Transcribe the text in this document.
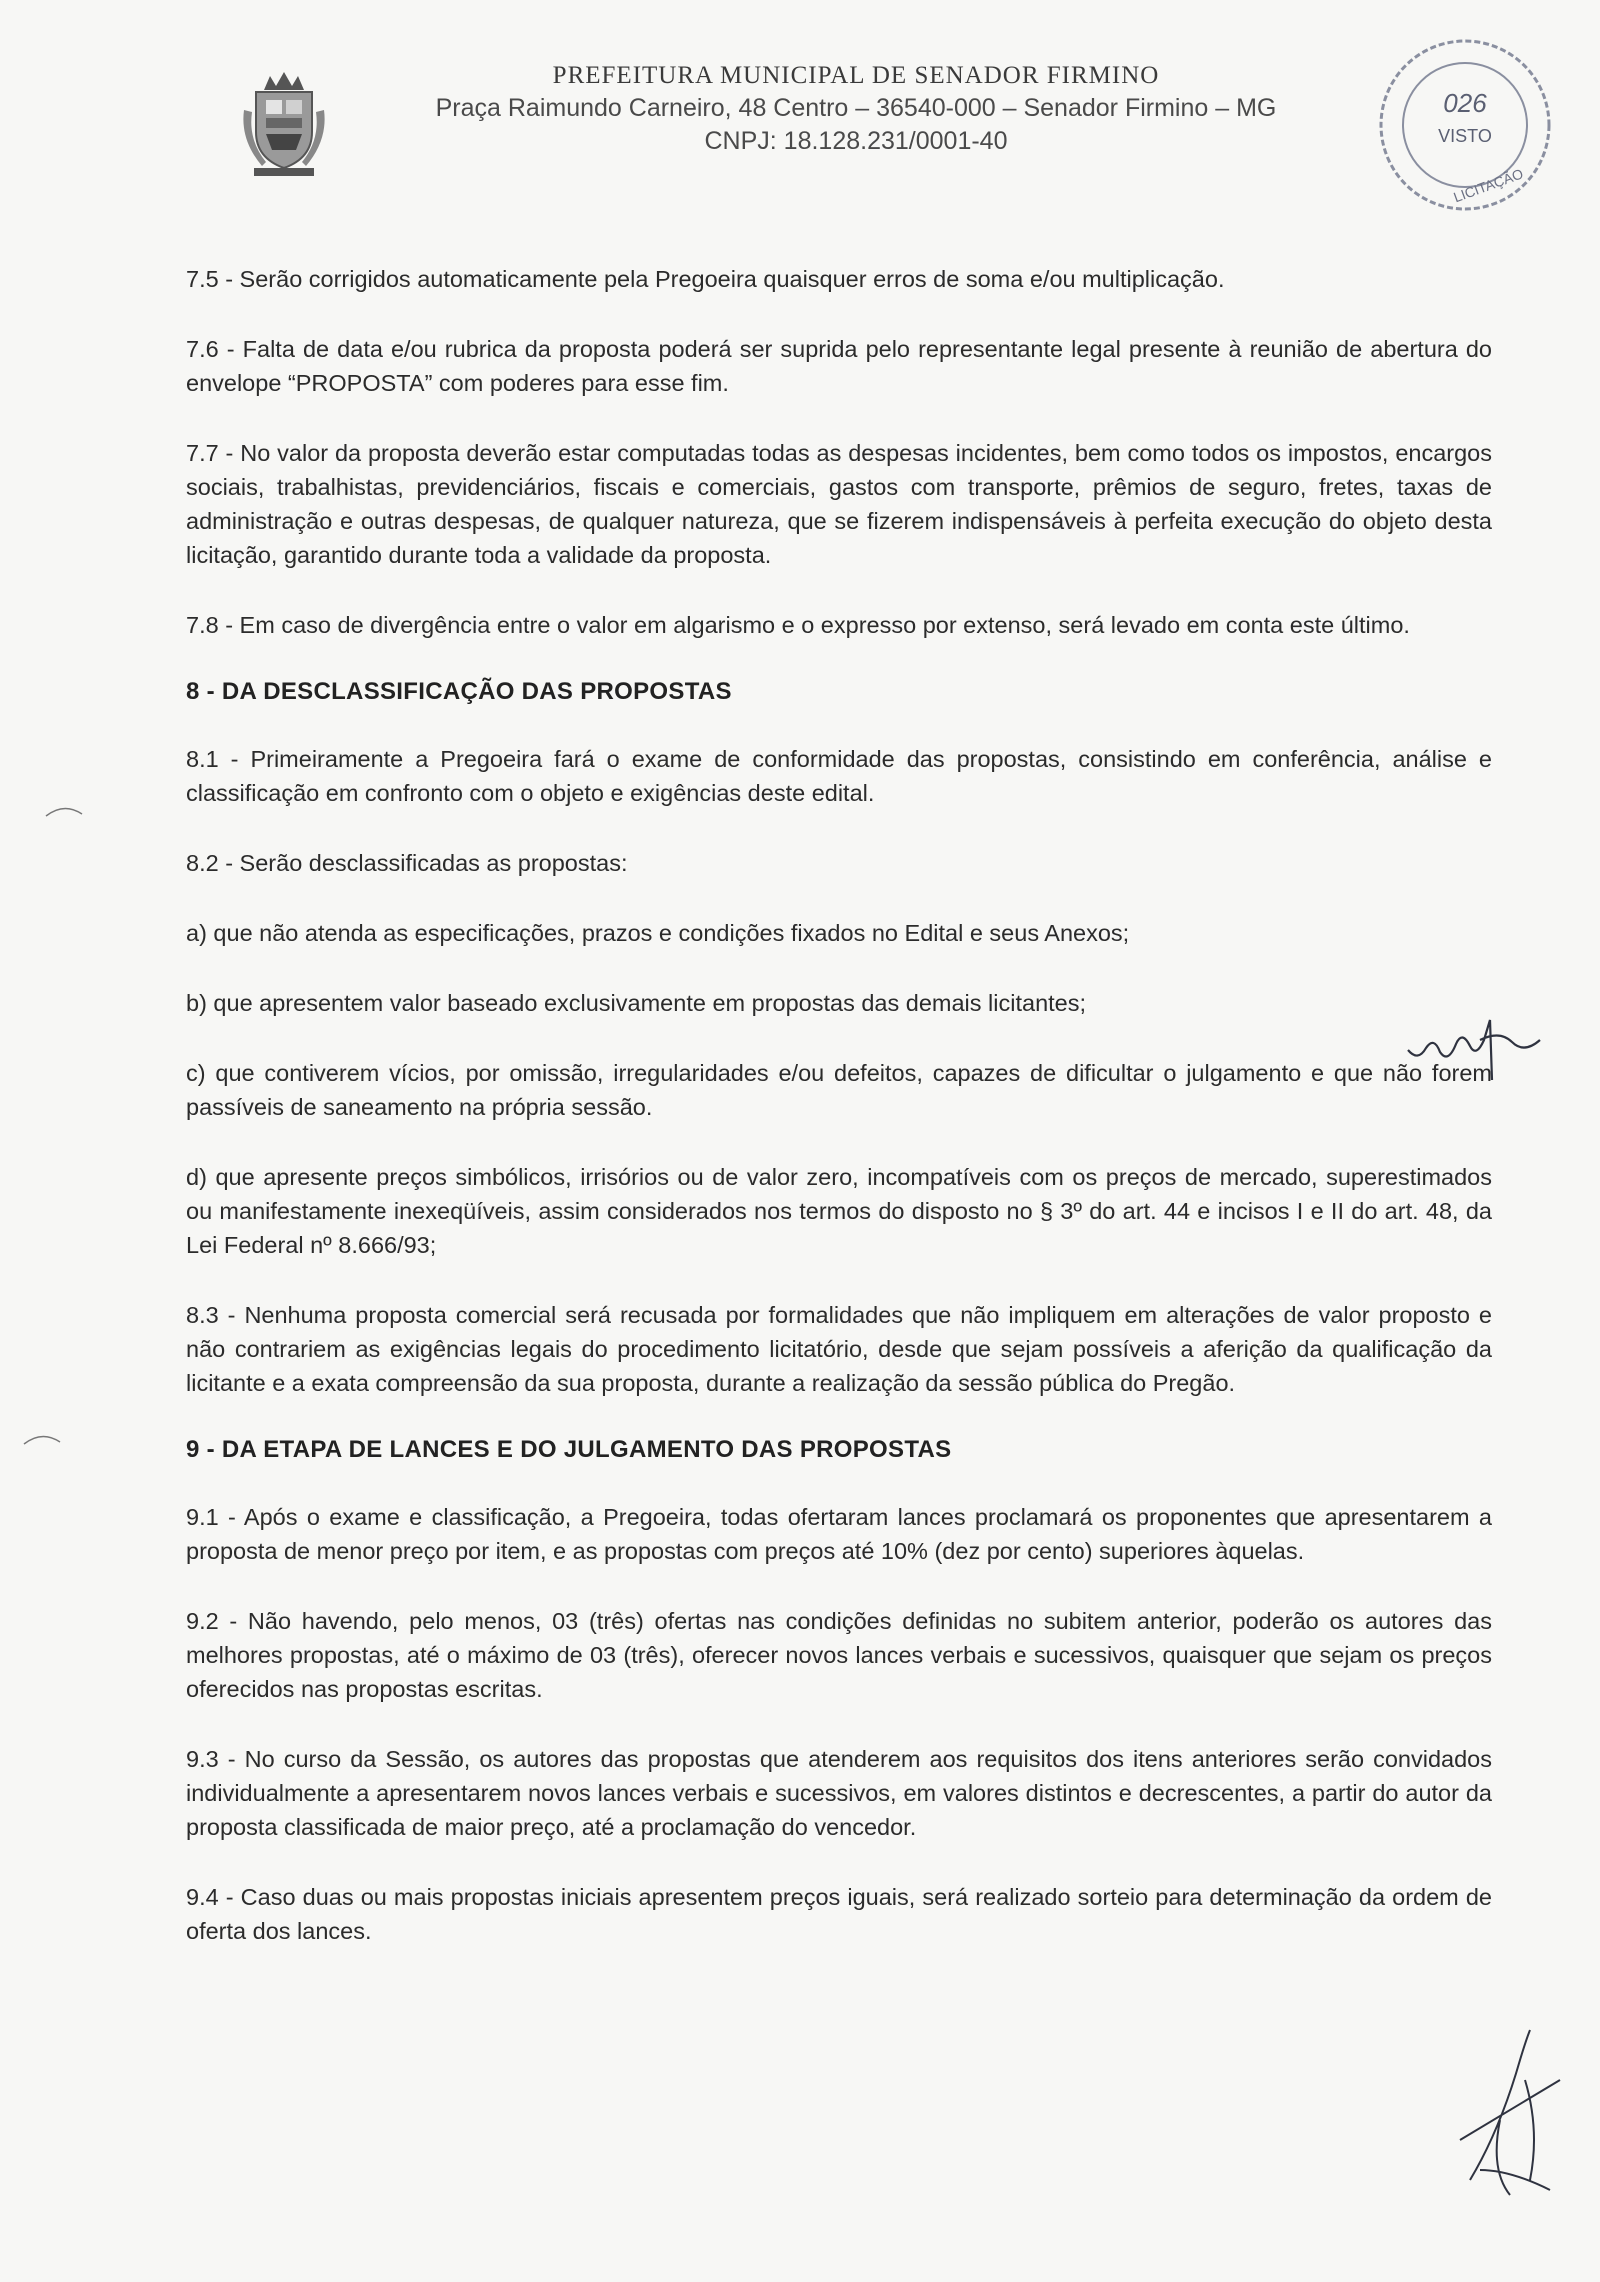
PREFEITURA MUNICIPAL DE SENADOR FIRMINO
Praça Raimundo Carneiro, 48 Centro – 36540-000 – Senador Firmino – MG
CNPJ: 18.128.231/0001-40
026
VISTO
LICITAÇÃO
7.5 - Serão corrigidos automaticamente pela Pregoeira quaisquer erros de soma e/ou multiplicação.
7.6 - Falta de data e/ou rubrica da proposta poderá ser suprida pelo representante legal presente à reunião de abertura do envelope “PROPOSTA” com poderes para esse fim.
7.7 - No valor da proposta deverão estar computadas todas as despesas incidentes, bem como todos os impostos, encargos sociais, trabalhistas, previdenciários, fiscais e comerciais, gastos com transporte, prêmios de seguro, fretes, taxas de administração e outras despesas, de qualquer natureza, que se fizerem indispensáveis à perfeita execução do objeto desta licitação, garantido durante toda a validade da proposta.
7.8 - Em caso de divergência entre o valor em algarismo e o expresso por extenso, será levado em conta este último.
8 - DA DESCLASSIFICAÇÃO DAS PROPOSTAS
8.1 - Primeiramente a Pregoeira fará o exame de conformidade das propostas, consistindo em conferência, análise e classificação em confronto com o objeto e exigências deste edital.
8.2 - Serão desclassificadas as propostas:
a) que não atenda as especificações, prazos e condições fixados no Edital e seus Anexos;
b) que apresentem valor baseado exclusivamente em propostas das demais licitantes;
c) que contiverem vícios, por omissão, irregularidades e/ou defeitos, capazes de dificultar o julgamento e que não forem passíveis de saneamento na própria sessão.
d) que apresente preços simbólicos, irrisórios ou de valor zero, incompatíveis com os preços de mercado, superestimados ou manifestamente inexeqüíveis, assim considerados nos termos do disposto no § 3º do art. 44 e incisos I e II do art. 48, da Lei Federal nº 8.666/93;
8.3 - Nenhuma proposta comercial será recusada por formalidades que não impliquem em alterações de valor proposto e não contrariem as exigências legais do procedimento licitatório, desde que sejam possíveis a aferição da qualificação da licitante e a exata compreensão da sua proposta, durante a realização da sessão pública do Pregão.
9 - DA ETAPA DE LANCES E DO JULGAMENTO DAS PROPOSTAS
9.1 - Após o exame e classificação, a Pregoeira, todas ofertaram lances proclamará os proponentes que apresentarem a proposta de menor preço por item, e as propostas com preços até 10% (dez por cento) superiores àquelas.
9.2 - Não havendo, pelo menos, 03 (três) ofertas nas condições definidas no subitem anterior, poderão os autores das melhores propostas, até o máximo de 03 (três), oferecer novos lances verbais e sucessivos, quaisquer que sejam os preços oferecidos nas propostas escritas.
9.3 - No curso da Sessão, os autores das propostas que atenderem aos requisitos dos itens anteriores serão convidados individualmente a apresentarem novos lances verbais e sucessivos, em valores distintos e decrescentes, a partir do autor da proposta classificada de maior preço, até a proclamação do vencedor.
9.4 - Caso duas ou mais propostas iniciais apresentem preços iguais, será realizado sorteio para determinação da ordem de oferta dos lances.
